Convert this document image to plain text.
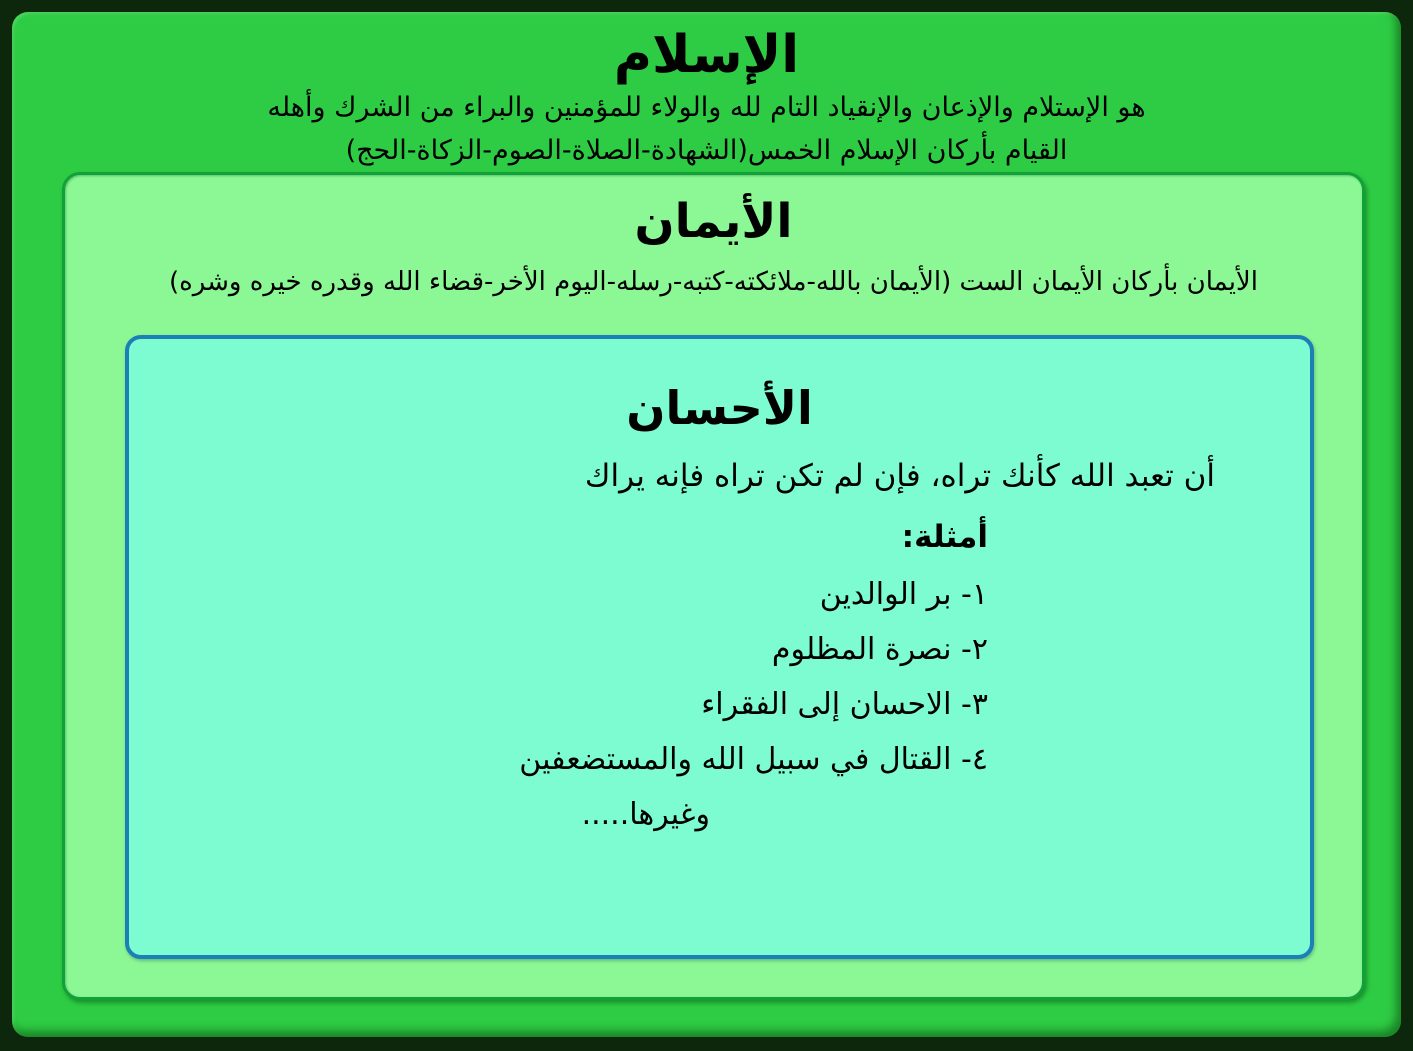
الإسلام

هو الإستلام والإذعان والإنقياد التام لله والولاء للمؤمنين والبراء من الشرك وأهله

القيام بأركان الإسلام الخمس(الشهادة-الصلاة-الصوم-الزكاة-الحج)

الأيمان

الأيمان بأركان الأيمان الست (الأيمان بالله-ملائكته-كتبه-رسله-اليوم الأخر-قضاء الله وقدره خيره وشره)

الأحسان

أن تعبد الله كأنك تراه، فإن لم تكن تراه فإنه يراك

أمثلة:

١- بر الوالدين
٢- نصرة المظلوم
٣- الاحسان إلى الفقراء
٤- القتال في سبيل الله والمستضعفين

وغيرها.....
